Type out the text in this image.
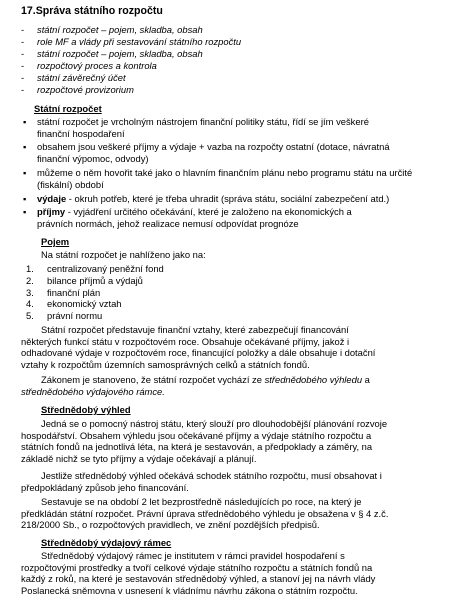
17.Správa státního rozpočtu
- státní rozpočet – pojem, skladba, obsah
- role MF a vlády při sestavování státního rozpočtu
- státní rozpočet – pojem, skladba, obsah
- rozpočtový proces a kontrola
- státní závěrečný účet
- rozpočtové provizorium
Státní rozpočet
▪ státní rozpočet je vrcholným nástrojem finanční politiky státu, řídí se jím veškeré
finanční hospodaření
▪ obsahem jsou veškeré příjmy a výdaje + vazba na rozpočty ostatní (dotace, návratná
finanční výpomoc, odvody)
▪ můžeme o něm hovořit také jako o hlavním finančním plánu nebo programu státu na určité
(fiskální) období
▪ výdaje - okruh potřeb, které je třeba uhradit (správa státu, sociální zabezpečení atd.)
▪ příjmy - vyjádření určitého očekávání, které je založeno na ekonomických a
právních normách, jehož realizace nemusí odpovídat prognóze
Pojem
Na státní rozpočet je nahlíženo jako na:
1. centralizovaný peněžní fond
2. bilance příjmů a výdajů
3. finanční plán
4. ekonomický vztah
5. právní normu
Státní rozpočet představuje finanční vztahy, které zabezpečují financování
některých funkcí státu v rozpočtovém roce. Obsahuje očekávané příjmy, jakož i
odhadované výdaje v rozpočtovém roce, financující položky a dále obsahuje i dotační
vztahy k rozpočtům územních samosprávných celků a státních fondů.
Zákonem je stanoveno, že státní rozpočet vychází ze střednědobého výhledu a
střednědobého výdajového rámce.
Střednědobý výhled
Jedná se o pomocný nástroj státu, který slouží pro dlouhodobější plánování rozvoje
hospodářství. Obsahem výhledu jsou očekávané příjmy a výdaje státního rozpočtu a
státních fondů na jednotlivá léta, na která je sestavován, a předpoklady a záměry, na
základě nichž se tyto příjmy a výdaje očekávají a plánují.
Jestliže střednědobý výhled očekává schodek státního rozpočtu, musí obsahovat i
předpokládaný způsob jeho financování.
Sestavuje se na období 2 let bezprostředně následujících po roce, na který je
předkládán státní rozpočet. Právní úprava střednědobého výhledu je obsažena v § 4 z.č.
218/2000 Sb., o rozpočtových pravidlech, ve znění pozdějších předpisů.
Střednědobý výdajový rámec
Střednědobý výdajový rámec je institutem v rámci pravidel hospodaření s
rozpočtovými prostředky a tvoří celkové výdaje státního rozpočtu a státních fondů na
každý z roků, na které je sestavován střednědobý výhled, a stanoví jej na návrh vlády
Poslanecká sněmovna v usnesení k vládnímu návrhu zákona o státním rozpočtu.
